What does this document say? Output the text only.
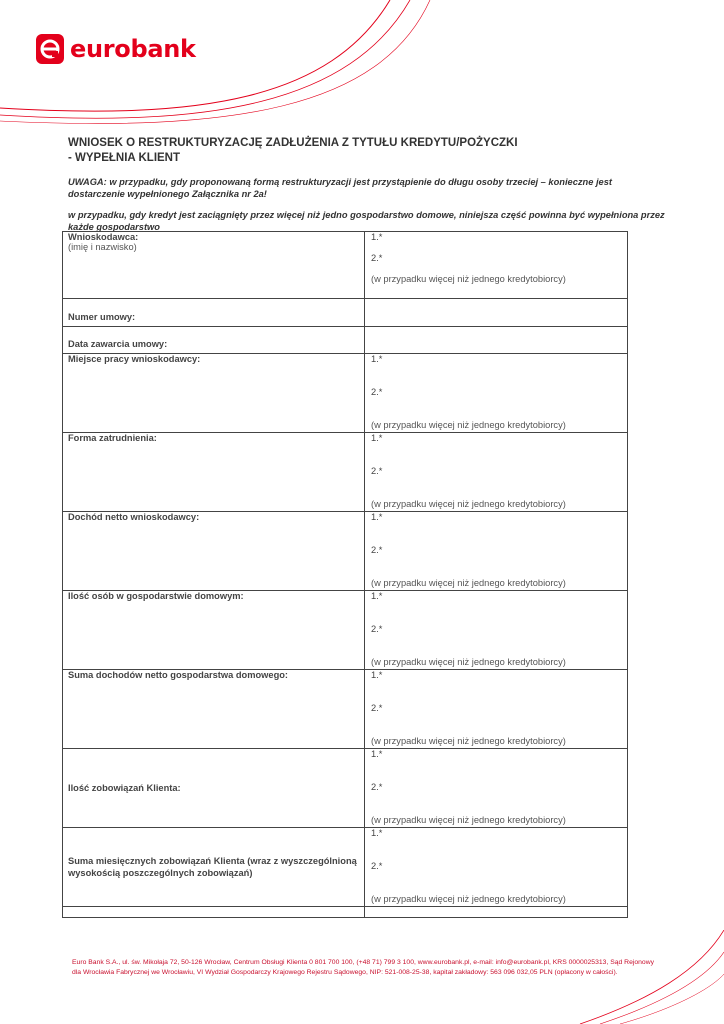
eurobank
WNIOSEK O RESTRUKTURYZACJĘ ZADŁUŻENIA Z TYTUŁU KREDYTU/POŻYCZKI
- WYPEŁNIA KLIENT
UWAGA: w przypadku, gdy proponowaną formą restrukturyzacji jest przystąpienie do długu osoby trzeciej – konieczne jest dostarczenie wypełnionego Załącznika nr 2a!
w przypadku, gdy kredyt jest zaciągnięty przez więcej niż jedno gospodarstwo domowe, niniejsza część powinna być wypełniona przez każde gospodarstwo
Wnioskodawca:
(imię i nazwisko)	1.*
2.*
(w przypadku więcej niż jednego kredytobiorcy)

Numer umowy:	

Data zawarcia umowy:	

Miejsce pracy wnioskodawcy:	1.*
2.*
(w przypadku więcej niż jednego kredytobiorcy)

Forma zatrudnienia:	1.*
2.*
(w przypadku więcej niż jednego kredytobiorcy)

Dochód netto wnioskodawcy:	1.*
2.*
(w przypadku więcej niż jednego kredytobiorcy)

Ilość osób w gospodarstwie domowym:	1.*
2.*
(w przypadku więcej niż jednego kredytobiorcy)

Suma dochodów netto gospodarstwa domowego:	1.*
2.*
(w przypadku więcej niż jednego kredytobiorcy)

Ilość zobowiązań Klienta:	1.*
2.*
(w przypadku więcej niż jednego kredytobiorcy)

Suma miesięcznych zobowiązań Klienta (wraz z wyszczególnioną wysokością poszczególnych zobowiązań)	1.*
2.*
(w przypadku więcej niż jednego kredytobiorcy)

Euro Bank S.A., ul. św. Mikołaja 72, 50-126 Wrocław, Centrum Obsługi Klienta 0 801 700 100, (+48 71) 799 3 100, www.eurobank.pl, e-mail: info@eurobank.pl, KRS 0000025313, Sąd Rejonowy
dla Wrocławia Fabrycznej we Wrocławiu, VI Wydział Gospodarczy Krajowego Rejestru Sądowego, NIP: 521-008-25-38, kapitał zakładowy: 563 096 032,05 PLN (opłacony w całości).
